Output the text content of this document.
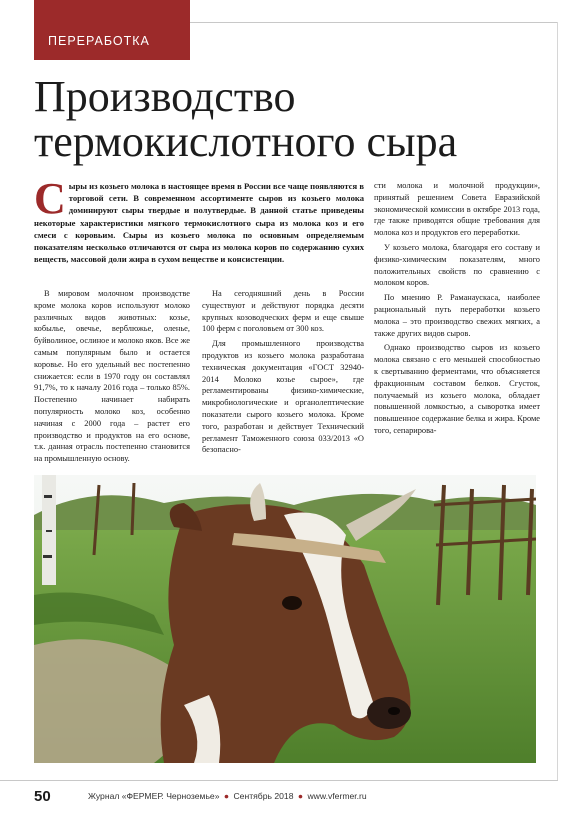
ПЕРЕРАБОТКА
Производство термокислотного сыра

Сыры из козьего молока в настоящее время в России все чаще появляются в торговой сети. В современном ассортименте сыров из козьего молока доминируют сыры твердые и полутвердые. В данной статье приведены некоторые характеристики мягкого термокислотного сыра из молока коз и его смеси с коровьим. Сыры из козьего молока по основным определяемым показателям несколько отличаются от сыра из молока коров по содержанию сухих веществ, массовой доли жира в сухом веществе и консистенции.

В мировом молочном производстве кроме молока коров используют молоко различных видов животных: козье, кобылье, овечье, верблюжье, оленье, буйволиное, ослиное и молоко яков. Все же самым популярным было и остается коровье. Но его удельный вес постепенно снижается: если в 1970 году он составлял 91,7%, то к началу 2016 года – только 85%. Постепенно начинает набирать популярность молоко коз, особенно начиная с 2000 года – растет его производство и продуктов на его основе, т.к. данная отрасль постепенно становится на промышленную основу.

На сегодняшний день в России существуют и действуют порядка десяти крупных козоводческих ферм и еще свыше 100 ферм с поголовьем от 300 коз.

Для промышленного производства продуктов из козьего молока разработана техническая документация «ГОСТ 32940-2014 Молоко козье сырое», где регламентированы физико-химические, микробиологические и органолептические показатели сырого козьего молока. Кроме того, разработан и действует Технический регламент Таможенного союза 033/2013 «О безопасно-

сти молока и молочной продукции», принятый решением Совета Евразийской экономической комиссии в октябре 2013 года, где также приводятся общие требования для молока коз и продуктов его переработки.

У козьего молока, благодаря его составу и физико-химическим показателям, много положительных свойств по сравнению с молоком коров.

По мнению Р. Раманаускаса, наиболее рациональный путь переработки козьего молока – это производство свежих мягких, а также других видов сыров.

Однако производство сыров из козьего молока связано с его меньшей способностью к свертыванию ферментами, что объясняется фракционным составом белков. Сгусток, получаемый из козьего молока, обладает повышенной ломкостью, а сыворотка имеет повышенное содержание белка и жира. Кроме того, сепарирова-

50	Журнал «ФЕРМЕР. Черноземье» ● Сентябрь 2018 ● www.vfermer.ru
